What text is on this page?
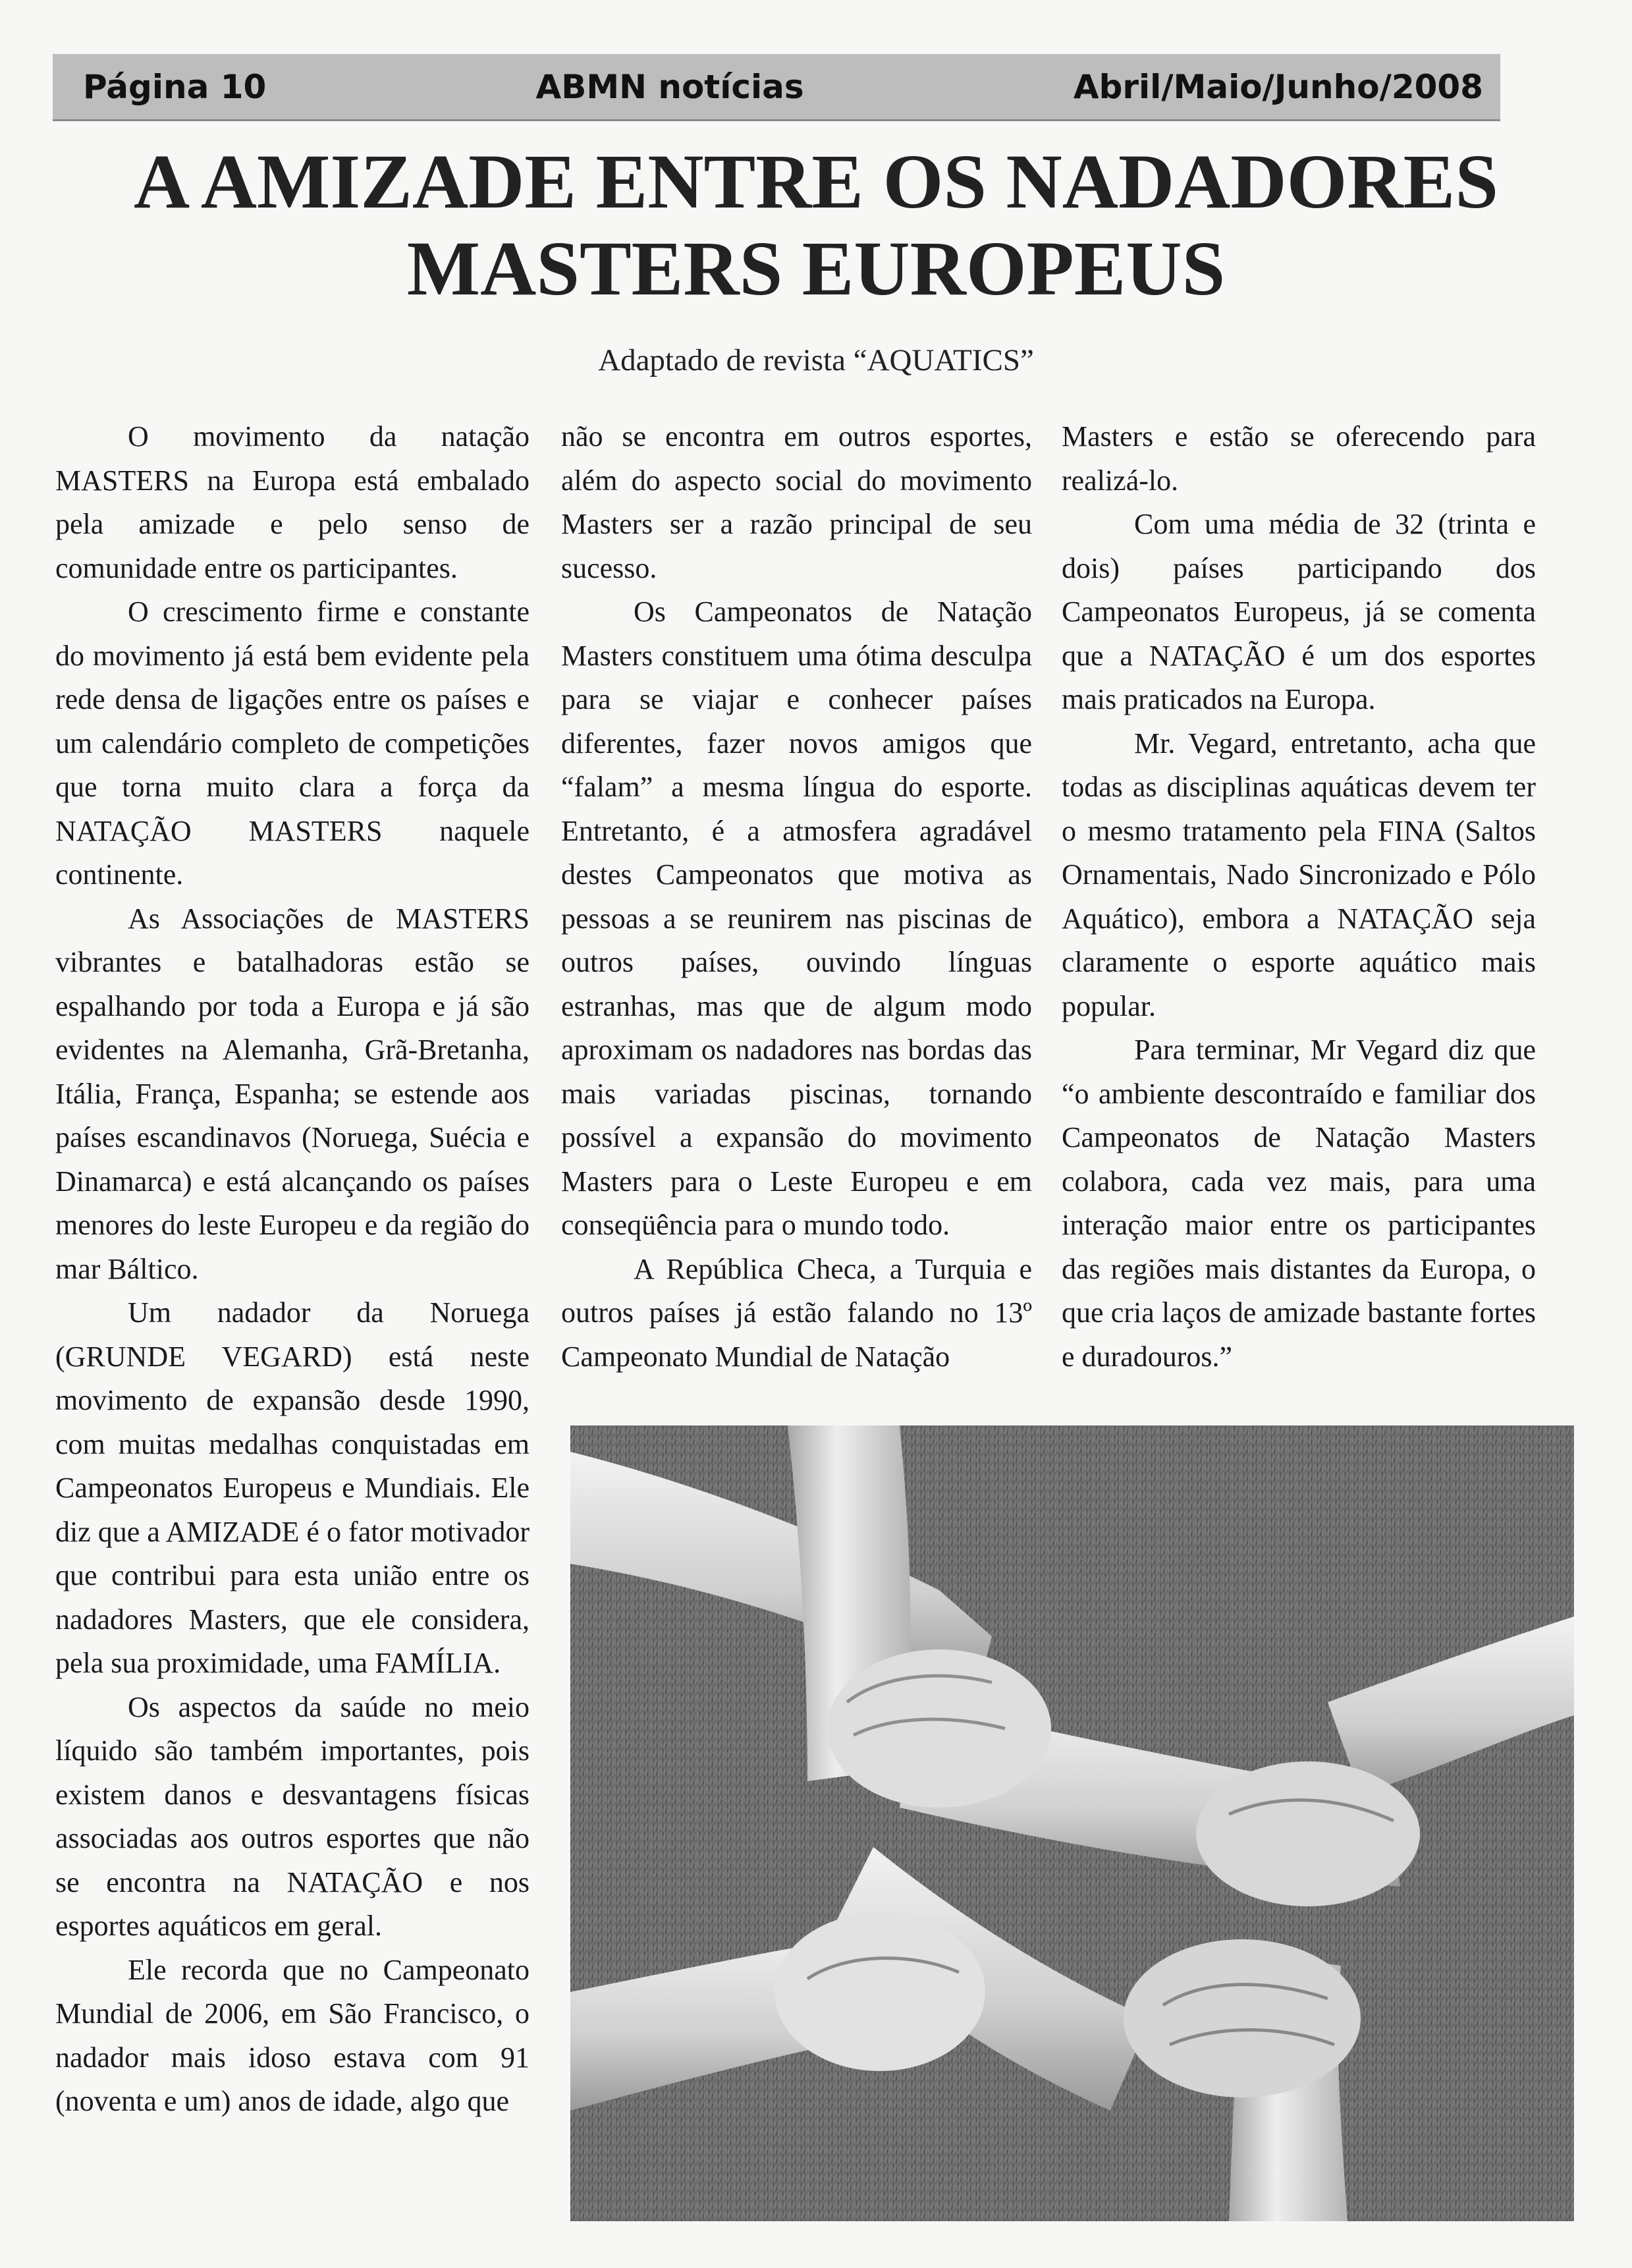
Página 10	ABMN notícias	Abril/Maio/Junho/2008
A AMIZADE ENTRE OS NADADORES
MASTERS EUROPEUS
Adaptado de revista “AQUATICS”

O movimento da natação MASTERS na Europa está embalado pela amizade e pelo senso de comunidade entre os participantes.

O crescimento firme e constante do movimento já está bem evidente pela rede densa de ligações entre os países e um calendário completo de competições que torna muito clara a força da NATAÇÃO MASTERS naquele continente.

As Associações de MASTERS vibrantes e batalhadoras estão se espalhando por toda a Europa e já são evidentes na Alemanha, Grã-Bretanha, Itália, França, Espanha; se estende aos países escandinavos (Noruega, Suécia e Dinamarca) e está alcançando os países menores do leste Europeu e da região do mar Báltico.

Um nadador da Noruega (GRUNDE VEGARD) está neste movimento de expansão desde 1990, com muitas medalhas conquistadas em Campeonatos Europeus e Mundiais. Ele diz que a AMIZADE é o fator motivador que contribui para esta união entre os nadadores Masters, que ele considera, pela sua proximidade, uma FAMÍLIA.

Os aspectos da saúde no meio líquido são também importantes, pois existem danos e desvantagens físicas associadas aos outros esportes que não se encontra na NATAÇÃO e nos esportes aquáticos em geral.

Ele recorda que no Campeonato Mundial de 2006, em São Francisco, o nadador mais idoso estava com 91 (noventa e um) anos de idade, algo que

não se encontra em outros esportes, além do aspecto social do movimento Masters ser a razão principal de seu sucesso.

Os Campeonatos de Natação Masters constituem uma ótima desculpa para se viajar e conhecer países diferentes, fazer novos amigos que “falam” a mesma língua do esporte. Entretanto, é a atmosfera agradável destes Campeonatos que motiva as pessoas a se reunirem nas piscinas de outros países, ouvindo línguas estranhas, mas que de algum modo aproximam os nadadores nas bordas das mais variadas piscinas, tornando possível a expansão do movimento Masters para o Leste Europeu e em conseqüência para o mundo todo.

A República Checa, a Turquia e outros países já estão falando no 13º Campeonato Mundial de Natação

Masters e estão se oferecendo para realizá-lo.

Com uma média de 32 (trinta e dois) países participando dos Campeonatos Europeus, já se comenta que a NATAÇÃO é um dos esportes mais praticados na Europa.

Mr. Vegard, entretanto, acha que todas as disciplinas aquáticas devem ter o mesmo tratamento pela FINA (Saltos Ornamentais, Nado Sincronizado e Pólo Aquático), embora a NATAÇÃO seja claramente o esporte aquático mais popular.

Para terminar, Mr Vegard diz que “o ambiente descontraído e familiar dos Campeonatos de Natação Masters colabora, cada vez mais, para uma interação maior entre os participantes das regiões mais distantes da Europa, o que cria laços de amizade bastante fortes e duradouros.”
